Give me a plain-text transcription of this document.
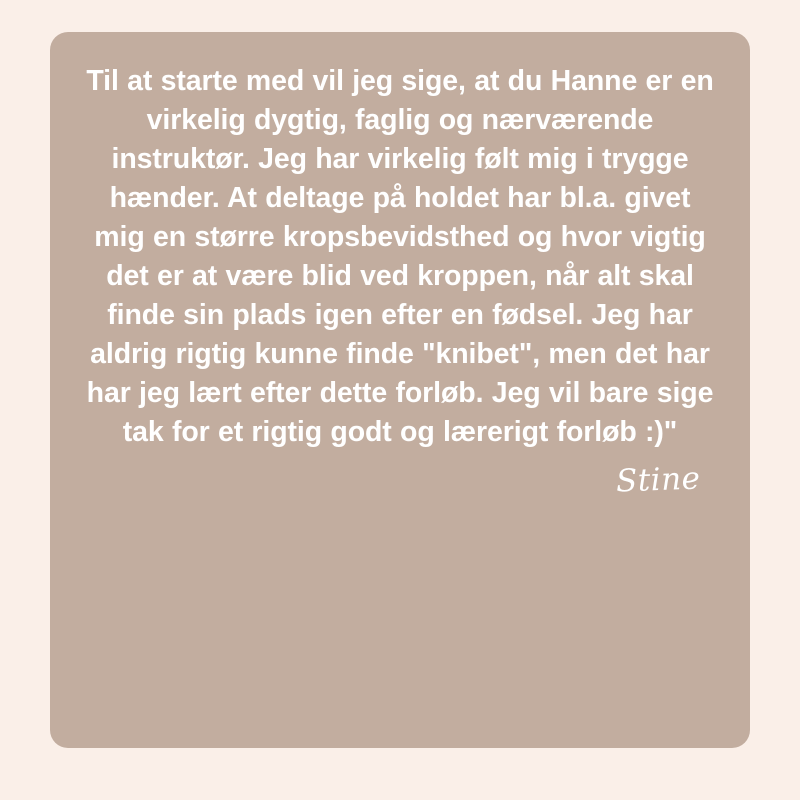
Til at starte med vil jeg sige, at du Hanne er en virkelig dygtig, faglig og nærværende instruktør. Jeg har virkelig følt mig i trygge hænder. At deltage på holdet har bl.a. givet mig en større kropsbevidsthed og hvor vigtig det er at være blid ved kroppen, når alt skal finde sin plads igen efter en fødsel. Jeg har aldrig rigtig kunne finde "knibet", men det har har jeg lært efter dette forløb. Jeg vil bare sige tak for et rigtig godt og lærerigt forløb :)"

Stine
